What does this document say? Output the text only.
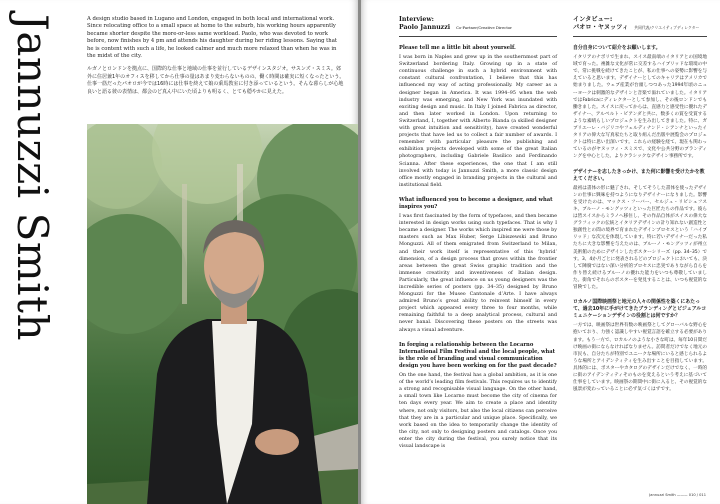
Jannuzzi Smith	A design studio based in Lugano and London, engaged in both local and international work. Since relocating office to a small space at home to the suburb, his working hours apparently became shorter despite the more-or-less same workload. Paolo, who was devoted to work before, now finishes by 4 pm and attends his daughter during her riding lessons. Saying that he is content with such a life, he looked calmer and much more relaxed than when he was in the midst of the city.

ルガノとロンドンを拠点に、国際的な仕事と地域の仕事を並行しているデザインスタジオ。サスンズ・スミス。郊外に住居兼1年のオフィスを移してから仕事の量はあまり変わらないものの、働く時間は確実に短くなったという。仕事一筋だったパオロが今では16時には仕事を終えて娘の乗馬教室に付き添っているという。そんな暮らしが心地良いと語る彼の表情は、都会のど真ん中にいた頃よりも明るく、とても穏やかに見えた。

Interview:
Paolo Jannuzzi Co-Partner/Creative Director
Please tell me a little bit about yourself.
I was born in Naples and grew up in the southernmost part of Switzerland bordering Italy. Growing up in a state of continuous challenge in such a hybrid environment with constant cultural confrontation, I believe that this has influenced my way of acting professionally. My career as a designer began in America. It was 1994–95 when the web industry was emerging, and New York was inundated with exciting design and music. In Italy I joined Fabrica as director, and then later worked in London. Upon returning to Switzerland, I, together with Alberto Bianda (a skilled designer with great intuition and sensitivity), have created wonderful projects that have led us to collect a fair number of awards. I remember with particular pleasure the publishing and exhibition projects developed with some of the great Italian photographers, including Gabriele Basilico and Ferdinando Scianna. After these experiences, the one that I am still involved with today is Jannuzzi Smith, a more classic design office mostly engaged in branding projects in the cultural and institutional field.
What influenced you to become a designer, and what inspires you?
I was first fascinated by the form of typefaces, and then became interested in design works using such typefaces. That is why I became a designer. The works which inspired me were those by masters such as Max Huber, Serge Libiszewski and Bruno Monguzzi. All of them emigrated from Switzerland to Milan, and their work itself is representative of this ‘hybrid’ dimension, of a design process that grows within the frontier areas between the great Swiss graphic tradition and the immense creativity and inventiveness of Italian design. Particularly, the great influence on us young designers was the incredible series of posters (pp. 34–35) designed by Bruno Monguzzi for the Museo Cantonale d’Arte. I have always admired Bruno’s great ability to reinvent himself in every project which appeared every three to four months, while remaining faithful to a deep analytical process, cultural and never banal. Discovering these posters on the streets was always a visual adventure.
In forging a relationship between the Locarno International Film Festival and the local people, what is the role of branding and visual communication design you have been working on for the past decade?
On the one hand, the festival has a global ambition, as it is one of the world’s leading film festivals. This requires us to identify a strong and recognisable visual language. On the other hand, a small town like Locarno must become the city of cinema for ten days every year. We aim to create a place and identity where, not only visitors, but also the local citizens can perceive that they are in a particular and unique place. Specifically, we work based on the idea to temporarily change the identity of the city, not only to designing posters and catalogs. Once you enter the city during the festival, you surely notice that its visual landscape is
インタビュー:
パオロ・ヤヌッツィ 共同代表/クリエイティブディレクター
自分自身について紹介をお願いします。
イタリアのナポリで生まれ、スイス最南端のイタリアとの国境地域で育った。複雑な文化が常に交差するハイブリッドな環境の中で、常に挑戦を続けてきたことが、私の仕事への姿勢に影響を与えていると思います。デザイナーとしてのキャリアはアメリカで始まりました。ウェブ産業が台頭しつつあった1994年頃のニューヨークは刺激的なデザインと音楽で溢れていました。イタリアではFabricaにディレクターとして参加し、その後ロンドンでも働きました。スイスに戻ってからは、直感力と感受性に優れたデザイナー、アルベルト・ビアンダと共に、数多くの賞を受賞するような素晴らしいプロジェクトを生み出してきました。特に、ガブリエーレ・バジリコやフェルディナンド・シアンナといったイタリアの偉大な写真家たちと取り組んだ出版や展覧会のプロジェクトは特に思い出深いです。これらの経験を経て、現在も関わっているのがヤヌッツィ・スミスで、文化や公共分野のブランディングを中心とした、よりクラシックなデザイン事務所です。
デザイナーを志したきっかけ、また何に影響を受けたかを教えてください。
最初は書体の形に魅了され、そしてそうした書体を使ったデザインの仕事に興味を持つようになりデザイナーになりました。影響を受けたのは、マックス・フーバー、セルジュ・リビシェフスキ、ブルーノ・モングッツィといった巨匠たちの作品です。彼らは皆スイスからミラノへ移住し、その作品自体がスイスの偉大なグラフィックの伝統とイタリアデザインの計り知れない創造性と独創性との間の境界で育まれたデザインプロセスという「ハイブリッド」な次元を体現しています。特に若いデザイナーだった私たちに大きな影響を与えたのは、ブルーノ・モングッツィが州立美術館のためにデザインしたポスターシリーズ（pp. 34–35）です。3、4か月ごとに発表されるどのプロジェクトにおいても、決して陳腐ではない深い分析的プロセスに忠実でありながら自らを作り替え続けるブルーノの優れた能力をいつも尊敬していました。街角でそれらのポスターを発見することは、いつも視覚的な冒険でした。
ロカルノ国際映画祭と地元の人々の関係性を築くにあたって、過去10年に手がけてきたブランディングとビジュアルコミュニケーションデザインの役割とは何ですか？
一方では、映画祭は世界有数の映画祭としてグローバルな野心を抱いており、力強く認識しやすい視覚言語を確立する必要があります。もう一方で、ロカルノのような小さな町は、毎年10日間だけ映画の街にならなければなりません。訪問者だけでなく地元の市民も、自分たちが特別でユニークな場所にいると感じられるような場所とアイデンティティを生み出すことを目指しています。具体的には、ポスターやカタログのデザインだけでなく、一時的に街のアイデンティティそのものを変えるという考えに基づいて仕事をしています。映画祭の期間中に街に入ると、その視覚的な風景が変わっていることに必ず気づくはずです。
Jannuzzi Smith ——— 010 / 011
